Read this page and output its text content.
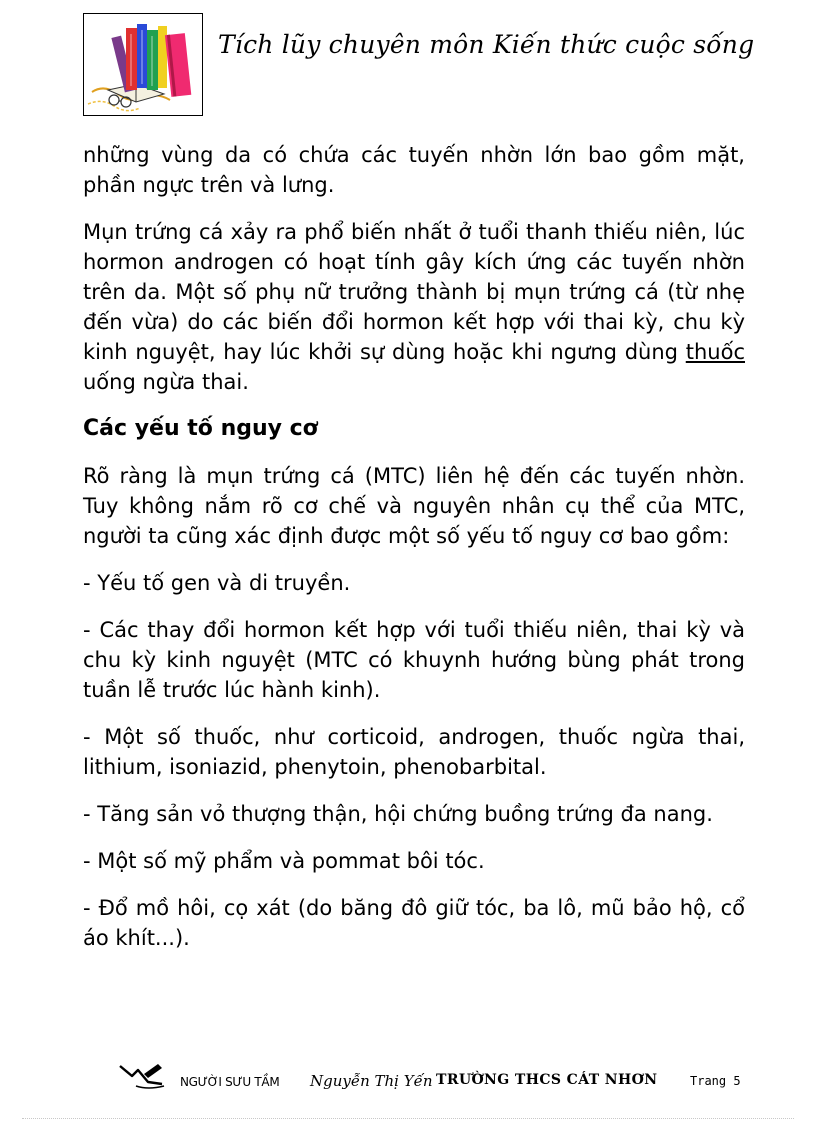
Tích lũy chuyên môn Kiến thức cuộc sống

những vùng da có chứa các tuyến nhờn lớn bao gồm mặt, phần ngực trên và lưng.

Mụn trứng cá xảy ra phổ biến nhất ở tuổi thanh thiếu niên, lúc hormon androgen có hoạt tính gây kích ứng các tuyến nhờn trên da. Một số phụ nữ trưởng thành bị mụn trứng cá (từ nhẹ đến vừa) do các biến đổi hormon kết hợp với thai kỳ, chu kỳ kinh nguyệt, hay lúc khởi sự dùng hoặc khi ngưng dùng thuốc uống ngừa thai.

Các yếu tố nguy cơ

Rõ ràng là mụn trứng cá (MTC) liên hệ đến các tuyến nhờn. Tuy không nắm rõ cơ chế và nguyên nhân cụ thể của MTC, người ta cũng xác định được một số yếu tố nguy cơ bao gồm:

- Yếu tố gen và di truyền.

- Các thay đổi hormon kết hợp với tuổi thiếu niên, thai kỳ và chu kỳ kinh nguyệt (MTC có khuynh hướng bùng phát trong tuần lễ trước lúc hành kinh).

- Một số thuốc, như corticoid, androgen, thuốc ngừa thai, lithium, isoniazid, phenytoin, phenobarbital.

- Tăng sản vỏ thượng thận, hội chứng buồng trứng đa nang.

- Một số mỹ phẩm và pommat bôi tóc.

- Đổ mồ hôi, cọ xát (do băng đô giữ tóc, ba lô, mũ bảo hộ, cổ áo khít...).

NGƯỜI SƯU TẦM Nguyễn Thị Yến TRƯỜNG THCS CÁT NHƠN	Trang 5
